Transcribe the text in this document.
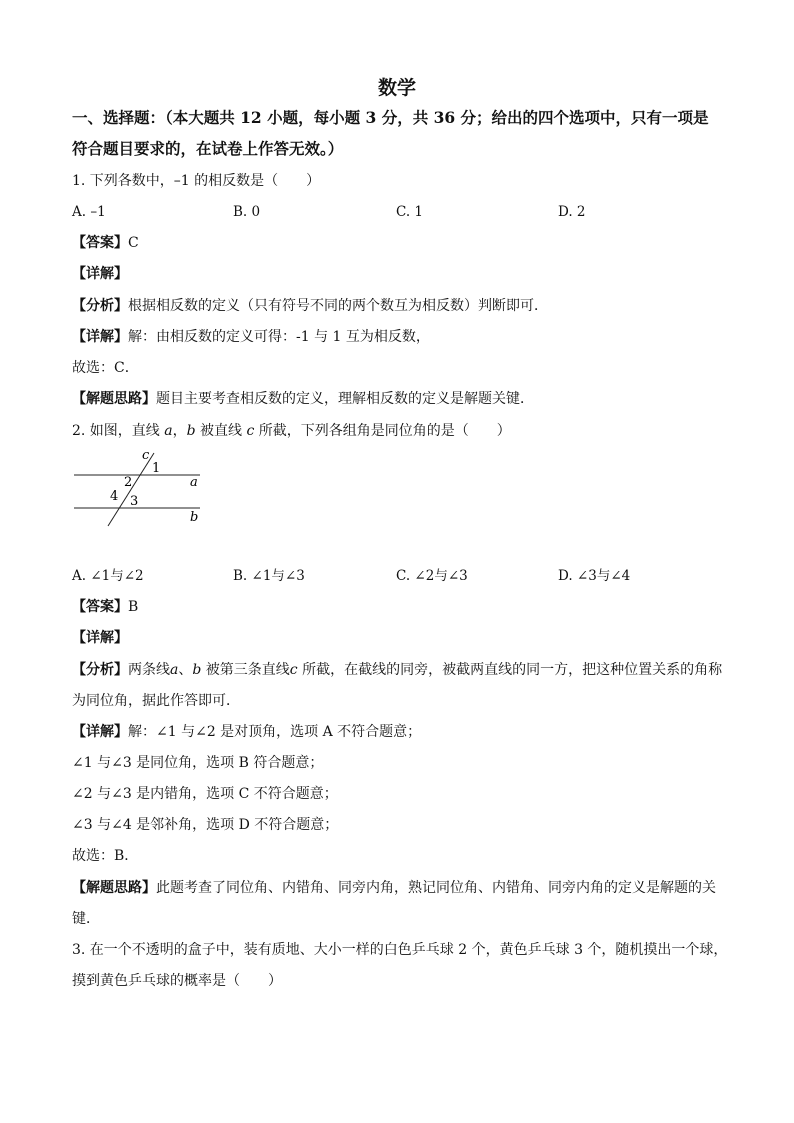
数学
一、选择题：（本大题共 12 小题，每小题 3 分，共 36 分；给出的四个选项中，只有一项是
符合题目要求的，在试卷上作答无效。）
1. 下列各数中，–1 的相反数是（　　）
A. –1	B. 0	C. 1	D. 2
【答案】C
【详解】
【分析】根据相反数的定义（只有符号不同的两个数互为相反数）判断即可．
【详解】解：由相反数的定义可得：-1 与 1 互为相反数，
故选：C．
【解题思路】题目主要考查相反数的定义，理解相反数的定义是解题关键．
2. 如图，直线 a，b 被直线 c 所截，下列各组角是同位角的是（　　）
c
a
b
1
2
3
4
A. ∠1与∠2	B. ∠1与∠3	C. ∠2与∠3	D. ∠3与∠4
【答案】B
【详解】
【分析】两条线a、b 被第三条直线c 所截，在截线的同旁，被截两直线的同一方，把这种位置关系的角称
为同位角，据此作答即可．
【详解】解：∠1 与∠2 是对顶角，选项 A 不符合题意；
∠1 与∠3 是同位角，选项 B 符合题意；
∠2 与∠3 是内错角，选项 C 不符合题意；
∠3 与∠4 是邻补角，选项 D 不符合题意；
故选：B．
【解题思路】此题考查了同位角、内错角、同旁内角，熟记同位角、内错角、同旁内角的定义是解题的关
键．
3. 在一个不透明的盒子中，装有质地、大小一样的白色乒乓球 2 个，黄色乒乓球 3 个，随机摸出一个球，
摸到黄色乒乓球的概率是（　　）
